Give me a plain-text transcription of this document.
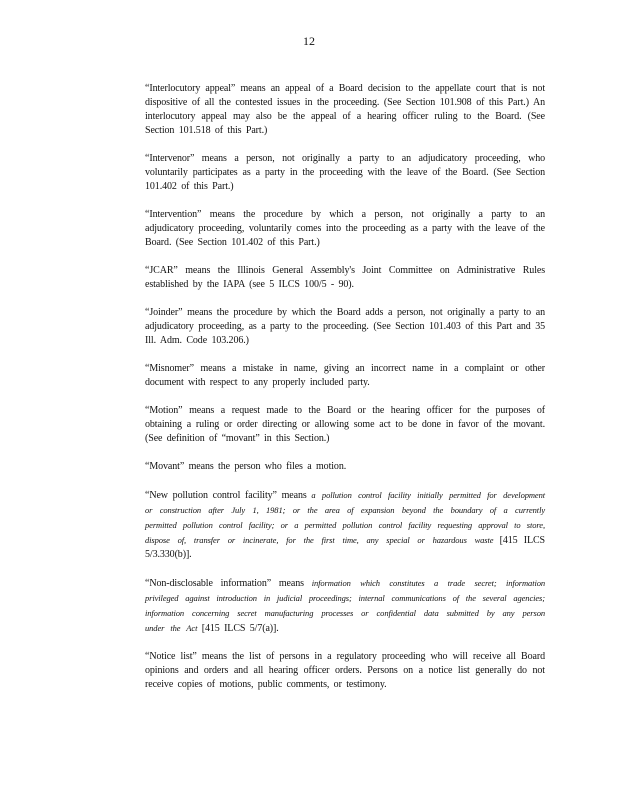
12

“Interlocutory appeal” means an appeal of a Board decision to the appellate court that is not dispositive of all the contested issues in the proceeding. (See Section 101.908 of this Part.) An interlocutory appeal may also be the appeal of a hearing officer ruling to the Board. (See Section 101.518 of this Part.)

“Intervenor” means a person, not originally a party to an adjudicatory proceeding, who voluntarily participates as a party in the proceeding with the leave of the Board. (See Section 101.402 of this Part.)

“Intervention” means the procedure by which a person, not originally a party to an adjudicatory proceeding, voluntarily comes into the proceeding as a party with the leave of the Board. (See Section 101.402 of this Part.)

“JCAR” means the Illinois General Assembly's Joint Committee on Administrative Rules established by the IAPA (see 5 ILCS 100/5 - 90).

“Joinder” means the procedure by which the Board adds a person, not originally a party to an adjudicatory proceeding, as a party to the proceeding. (See Section 101.403 of this Part and 35 Ill. Adm. Code 103.206.)

“Misnomer” means a mistake in name, giving an incorrect name in a complaint or other document with respect to any properly included party.

“Motion” means a request made to the Board or the hearing officer for the purposes of obtaining a ruling or order directing or allowing some act to be done in favor of the movant. (See definition of “movant” in this Section.)

“Movant” means the person who files a motion.

“New pollution control facility” means a pollution control facility initially permitted for development or construction after July 1, 1981; or the area of expansion beyond the boundary of a currently permitted pollution control facility; or a permitted pollution control facility requesting approval to store, dispose of, transfer or incinerate, for the first time, any special or hazardous waste [415 ILCS 5/3.330(b)].

“Non-disclosable information” means information which constitutes a trade secret; information privileged against introduction in judicial proceedings; internal communications of the several agencies; information concerning secret manufacturing processes or confidential data submitted by any person under the Act [415 ILCS 5/7(a)].

“Notice list” means the list of persons in a regulatory proceeding who will receive all Board opinions and orders and all hearing officer orders. Persons on a notice list generally do not receive copies of motions, public comments, or testimony.
